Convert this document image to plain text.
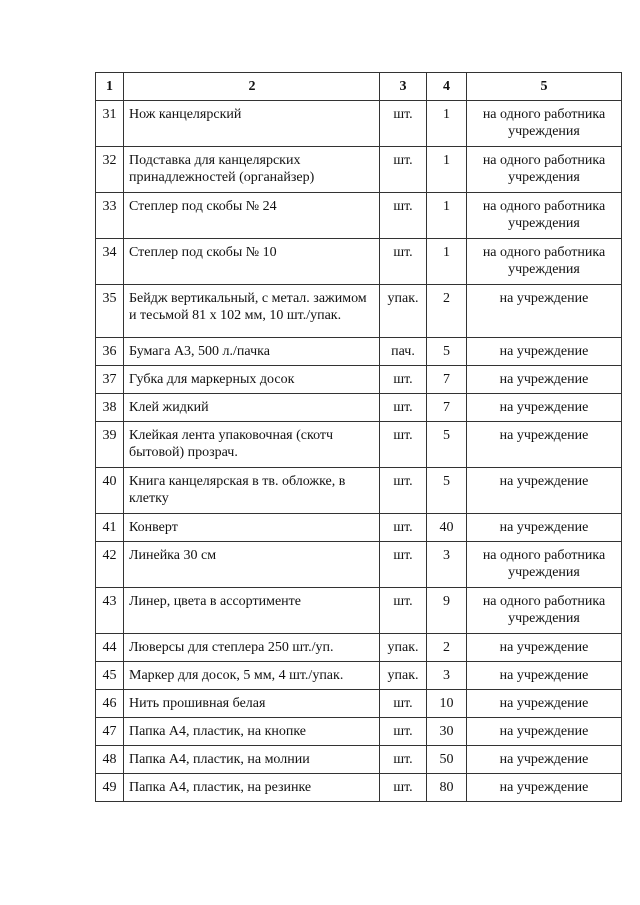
1	2	3	4	5
31	Нож канцелярский	шт.	1	на одного работника учреждения
32	Подставка для канцелярских принадлежностей (органайзер)	шт.	1	на одного работника учреждения
33	Степлер под скобы № 24	шт.	1	на одного работника учреждения
34	Степлер под скобы № 10	шт.	1	на одного работника учреждения
35	Бейдж вертикальный, с метал. зажимом и тесьмой 81 х 102 мм, 10 шт./упак.	упак.	2	на учреждение
36	Бумага А3, 500 л./пачка	пач.	5	на учреждение
37	Губка для маркерных досок	шт.	7	на учреждение
38	Клей жидкий	шт.	7	на учреждение
39	Клейкая лента упаковочная (скотч бытовой) прозрач.	шт.	5	на учреждение
40	Книга канцелярская в тв. обложке, в клетку	шт.	5	на учреждение
41	Конверт	шт.	40	на учреждение
42	Линейка 30 см	шт.	3	на одного работника учреждения
43	Линер, цвета в ассортименте	шт.	9	на одного работника учреждения
44	Люверсы для степлера 250 шт./уп.	упак.	2	на учреждение
45	Маркер для досок, 5 мм, 4 шт./упак.	упак.	3	на учреждение
46	Нить прошивная белая	шт.	10	на учреждение
47	Папка А4, пластик, на кнопке	шт.	30	на учреждение
48	Папка А4, пластик, на молнии	шт.	50	на учреждение
49	Папка А4, пластик, на резинке	шт.	80	на учреждение
